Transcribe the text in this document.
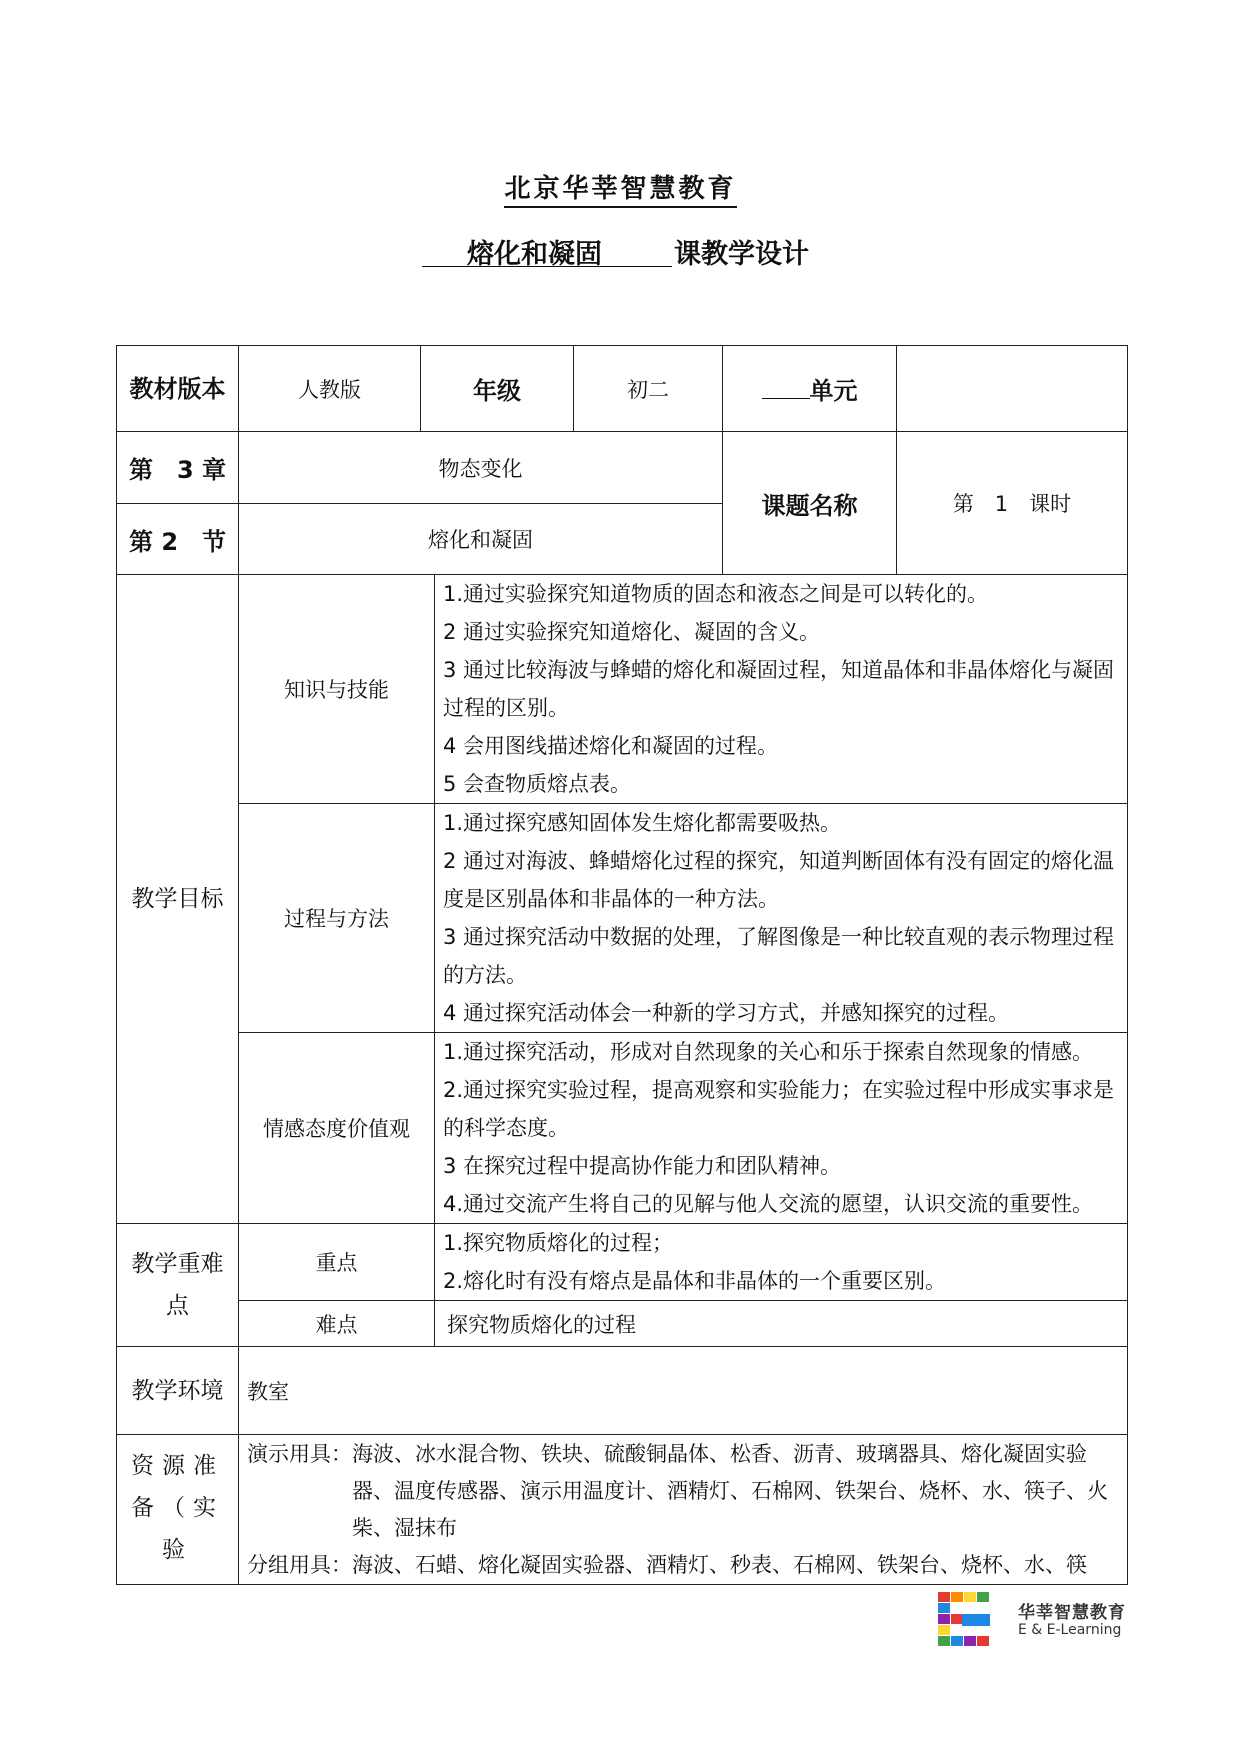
北京华莘智慧教育
熔化和凝固	课教学设计
教材版本	人教版	年级		初二	单元	
第　3 章	物态变化				课题名称	第　1　课时
第 2　节	熔化和凝固					
教学目标	知识与技能		1.通过实验探究知道物质的固态和液态之间是可以转化的。
2 通过实验探究知道熔化、凝固的含义。
3 通过比较海波与蜂蜡的熔化和凝固过程，知道晶体和非晶体熔化与凝固过程的区别。
4 会用图线描述熔化和凝固的过程。
5 会查物质熔点表。			

	过程与方法		1.通过探究感知固体发生熔化都需要吸热。
2 通过对海波、蜂蜡熔化过程的探究，知道判断固体有没有固定的熔化温度是区别晶体和非晶体的一种方法。
3 通过探究活动中数据的处理，了解图像是一种比较直观的表示物理过程的方法。
4 通过探究活动体会一种新的学习方式，并感知探究的过程。			

	情感态度价值观		1.通过探究活动，形成对自然现象的关心和乐于探索自然现象的情感。
2.通过探究实验过程，提高观察和实验能力；在实验过程中形成实事求是的科学态度。
3 在探究过程中提高协作能力和团队精神。
4.通过交流产生将自己的见解与他人交流的愿望，认识交流的重要性。			

教学重难点	重点		1.探究物质熔化的过程；
2.熔化时有没有熔点是晶体和非晶体的一个重要区别。			

	难点		探究物质熔化的过程			
教学环境	教室					
资源准备（实验	演示用具： 海波、冰水混合物、铁块、硫酸铜晶体、松香、沥青、玻璃器具、熔化凝固实验器、温度传感器、演示用温度计、酒精灯、石棉网、铁架台、烧杯、水、筷子、火柴、湿抹布
分组用具： 海波、石蜡、熔化凝固实验器、酒精灯、秒表、石棉网、铁架台、烧杯、水、筷					
华莘智慧教育
E & E-Learning
